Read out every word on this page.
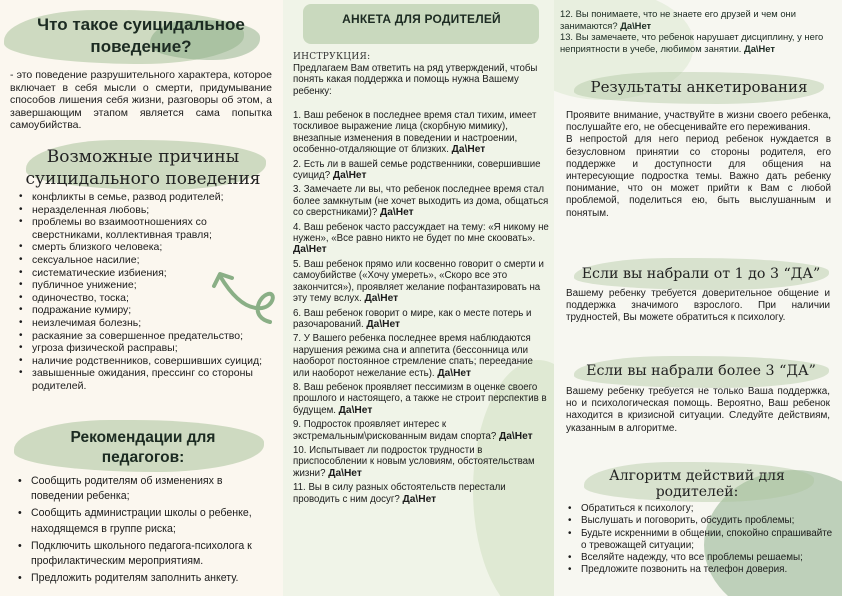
Что такое суицидальное поведение?
- это поведение разрушительного характера, которое включает в себя мысли о смерти, придумывание способов лишения себя жизни, разговоры об этом, а завершающим этапом является сама попытка самоубийства.
Возможные причины суицидального поведения
• конфликты в семье, развод родителей;
• неразделенная любовь;
• проблемы во взаимоотношениях со сверстниками, коллективная травля;
• смерть близкого человека;
• сексуальное насилие;
• систематические избиения;
• публичное унижение;
• одиночество, тоска;
• подражание кумиру;
• неизлечимая болезнь;
• раскаяние за совершенное предательство;
• угроза физической расправы;
• наличие родственников, совершивших суицид;
• завышенные ожидания, прессинг со стороны родителей.
Рекомендации для педагогов:
• Сообщить родителям об изменениях в поведении ребенка;
• Сообщить администрации школы о ребенке, находящемся в группе риска;
• Подключить школьного педагога-психолога к профилактическим мероприятиям.
• Предложить родителям заполнить анкету.
АНКЕТА ДЛЯ РОДИТЕЛЕЙ
ИНСТРУКЦИЯ:
Предлагаем Вам ответить на ряд утверждений, чтобы понять какая поддержка и помощь нужна Вашему ребенку:
1. Ваш ребенок в последнее время стал тихим, имеет тоскливое выражение лица (скорбную мимику), внезапные изменения в поведении и настроении, особенно-отдаляющие от близких. Да\Нет
2. Есть ли в вашей семье родственники, совершившие суицид? Да\Нет
3. Замечаете ли вы, что ребенок последнее время стал более замкнутым (не хочет выходить из дома, общаться со сверстниками)? Да\Нет
4. Ваш ребенок часто рассуждает на тему: «Я никому не нужен», «Все равно никто не будет по мне скоовать». Да\Нет
5. Ваш ребенок прямо или косвенно говорит о смерти и самоубийстве («Хочу умереть», «Скоро все это закончится»), проявляет желание пофантазировать на эту тему вслух. Да\Нет
6. Ваш ребенок говорит о мире, как о месте потерь и разочарований. Да\Нет
7. У Вашего ребенка последнее время наблюдаются нарушения режима сна и аппетита (бессонница или наоборот постоянное стремление спать; переедание или наоборот нежелание есть). Да\Нет
8. Ваш ребенок проявляет пессимизм в оценке своего прошлого и настоящего, а также не строит перспектив в будущем. Да\Нет
9. Подросток проявляет интерес к экстремальным\рискованным видам спорта? Да\Нет
10. Испытывает ли подросток трудности в приспособлении к новым условиям, обстоятельствам жизни? Да\Нет
11. Вы в силу разных обстоятельств перестали проводить с ним досуг? Да\Нет
12. Вы понимаете, что не знаете его друзей и чем они занимаются? Да\Нет
13. Вы замечаете, что ребенок нарушает дисциплину, у него неприятности в учебе, любимом занятии. Да\Нет
Результаты анкетирования
Проявите внимание, участвуйте в жизни своего ребенка, послушайте его, не обесценивайте его переживания.
В непростой для него период ребенок нуждается в безусловном принятии со стороны родителя, его поддержке и доступности для общения на интересующие подростка темы. Важно дать ребенку понимание, что он может прийти к Вам с любой проблемой, поделиться ею, быть выслушанным и понятым.
Если вы набрали от 1 до 3 “ДА”
Вашему ребенку требуется доверительное общение и поддержка значимого взрослого. При наличии трудностей, Вы можете обратиться к психологу.
Если вы набрали более 3 “ДА”
Вашему ребенку требуется не только Ваша поддержка, но и психологическая помощь. Вероятно, Ваш ребенок находится в кризисной ситуации. Следуйте действиям, указанным в алгоритме.
Алгоритм действий для родителей:
• Обратиться к психологу;
• Выслушать и поговорить, обсудить проблемы;
• Будьте искренними в общении, спокойно спрашивайте о тревожащей ситуации;
• Вселяйте надежду, что все проблемы решаемы;
• Предложите позвонить на телефон доверия.
